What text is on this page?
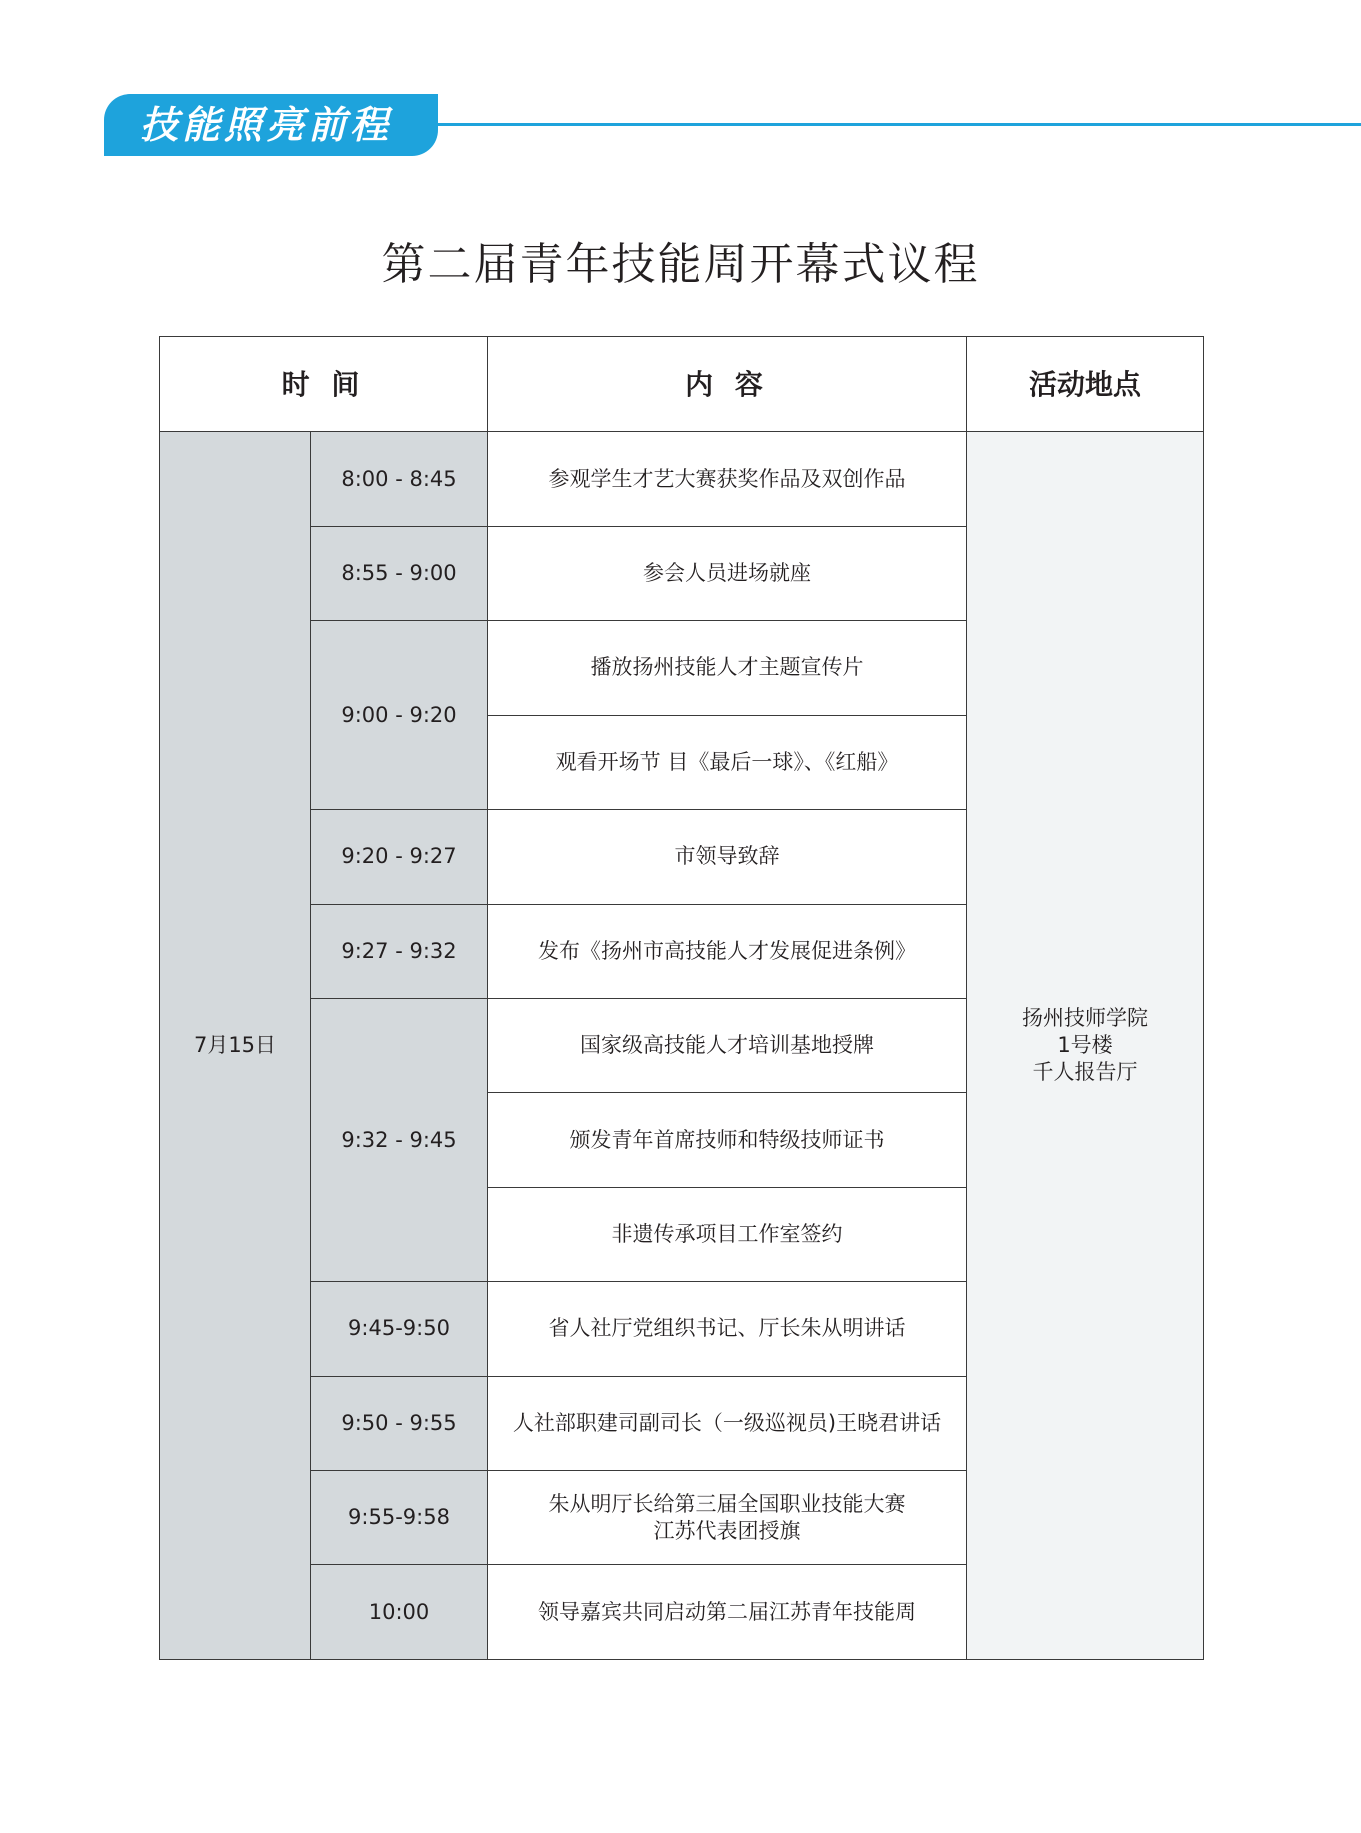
技能照亮前程
第二届青年技能周开幕式议程
时 间		内 容	活动地点
7月15日	8:00 - 8:45	参观学生才艺大赛获奖作品及双创作品	扬州技师学院
1号楼
千人报告厅

	8:55 - 9:00	参会人员进场就座	
	9:00 - 9:20	播放扬州技能人才主题宣传片	
		观看开场节 目《最后一球》、《红船》	
	9:20 - 9:27	市领导致辞	
	9:27 - 9:32	发布《扬州市高技能人才发展促进条例》	
	9:32 - 9:45	国家级高技能人才培训基地授牌	
		颁发青年首席技师和特级技师证书	
		非遗传承项目工作室签约	
	9:45-9:50	省人社厅党组织书记、厅长朱从明讲话	
	9:50 - 9:55	人社部职建司副司长（一级巡视员)王晓君讲话	
	9:55-9:58	朱从明厅长给第三届全国职业技能大赛
江苏代表团授旗	

	10:00	领导嘉宾共同启动第二届江苏青年技能周	
